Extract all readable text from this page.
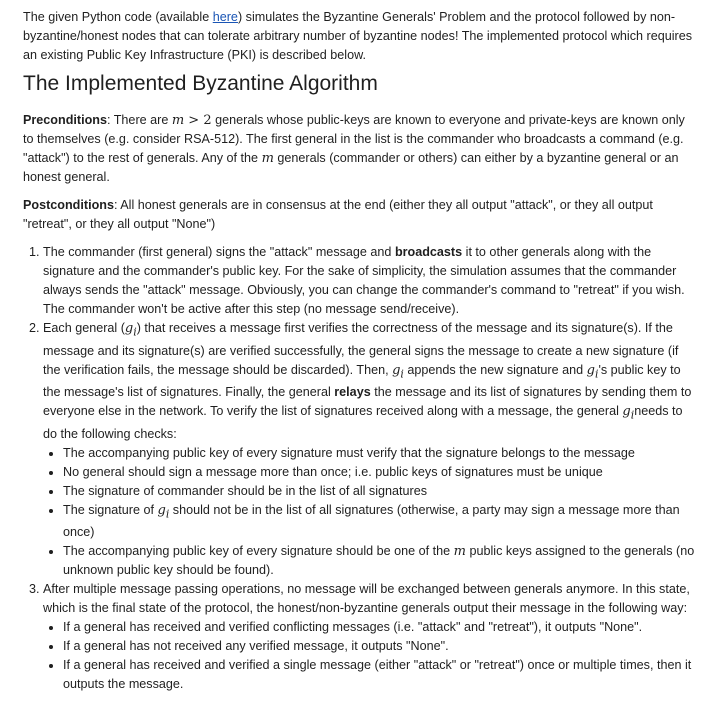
The given Python code (available here) simulates the Byzantine Generals' Problem and the protocol followed by non-byzantine/honest nodes that can tolerate arbitrary number of byzantine nodes! The implemented protocol which requires an existing Public Key Infrastructure (PKI) is described below.

The Implemented Byzantine Algorithm

Preconditions: There are m > 2 generals whose public-keys are known to everyone and private-keys are known only to themselves (e.g. consider RSA-512). The first general in the list is the commander who broadcasts a command (e.g. "attack") to the rest of generals. Any of the m generals (commander or others) can either by a byzantine general or an honest general.

Postconditions: All honest generals are in consensus at the end (either they all output "attack", or they all output "retreat", or they all output "None")

1. The commander (first general) signs the "attack" message and broadcasts it to other generals along with the signature and the commander's public key. For the sake of simplicity, the simulation assumes that the commander always sends the "attack" message. Obviously, you can change the commander's command to "retreat" if you wish. The commander won't be active after this step (no message send/receive).
2. Each general $(g_i)$ that receives a message first verifies the correctness of the message and its signature(s). If the message and its signature(s) are verified successfully, the general signs the message to create a new signature (if the verification fails, the message should be discarded). Then, $g_i$ appends the new signature and $g_i's$ public key to the message's list of signatures. Finally, the general relays the message and its list of signatures by sending them to everyone else in the network. To verify the list of signatures received along with a message, the general $g_ineeds$ to do the following checks:
The accompanying public key of every signature must verify that the signature belongs to the message
No general should sign a message more than once; i.e. public keys of signatures must be unique
The signature of commander should be in the list of all signatures
The signature of $g_i$ should not be in the list of all signatures (otherwise, a party may sign a message more than once)
The accompanying public key of every signature should be one of the m public keys assigned to the generals (no unknown public key should be found).
3. After multiple message passing operations, no message will be exchanged between generals anymore. In this state, which is the final state of the protocol, the honest/non-byzantine generals output their message in the following way:
If a general has received and verified conflicting messages (i.e. "attack" and "retreat"), it outputs "None".
If a general has not received any verified message, it outputs "None".
If a general has received and verified a single message (either "attack" or "retreat") once or multiple times, then it outputs the message.
